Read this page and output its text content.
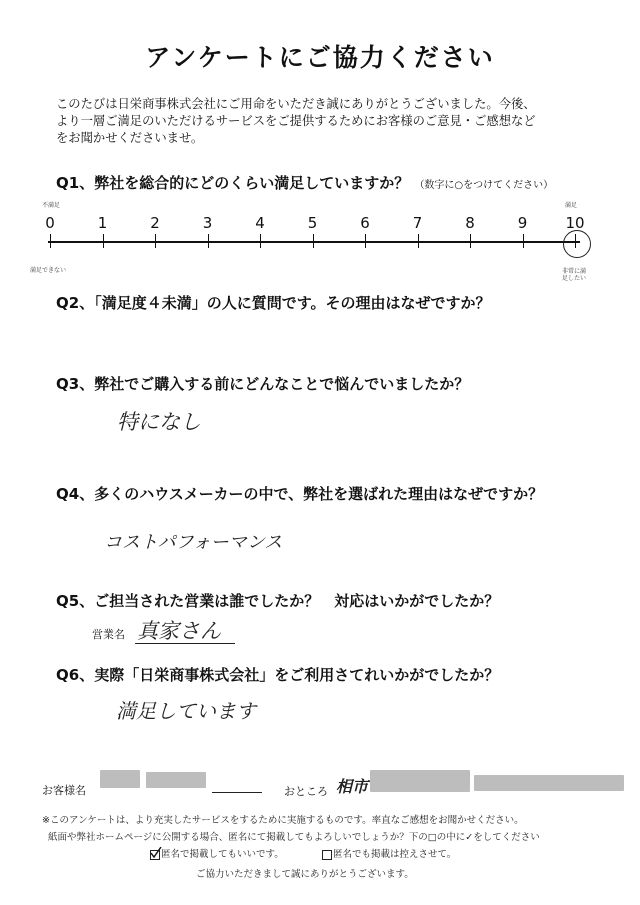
アンケートにご協力ください
このたびは日栄商事株式会社にご用命をいただき誠にありがとうございました。今後、
より一層ご満足のいただけるサービスをご提供するためにお客様のご意見・ご感想など
をお聞かせくださいませ。
Q1、弊社を総合的にどのくらい満足していますか？ （数字に○をつけてください）
不満足	満足
0	1	2	3	4	5	6	7	8	9	10
満足できない	非常に満足したい
Q2、「満足度４未満」の人に質問です。その理由はなぜですか？
Q3、弊社でご購入する前にどんなことで悩んでいましたか？
特になし
Q4、多くのハウスメーカーの中で、弊社を選ばれた理由はなぜですか？
コストパフォーマンス
Q5、ご担当された営業は誰でしたか？　対応はいかがでしたか？
営業名 真家さん
Q6、実際「日栄商事株式会社」をご利用さてれいかがでしたか？
満足しています
お客様名	おところ 相市
※このアンケートは、より充実したサービスをするために実施するものです。率直なご感想をお聞かせください。
紙面や弊社ホームページに公開する場合、匿名にて掲載してもよろしいでしょうか？下の□の中に✓をしてください
匿名で掲載してもいいです。	匿名でも掲載は控えさせて。
ご協力いただきまして誠にありがとうございます。
